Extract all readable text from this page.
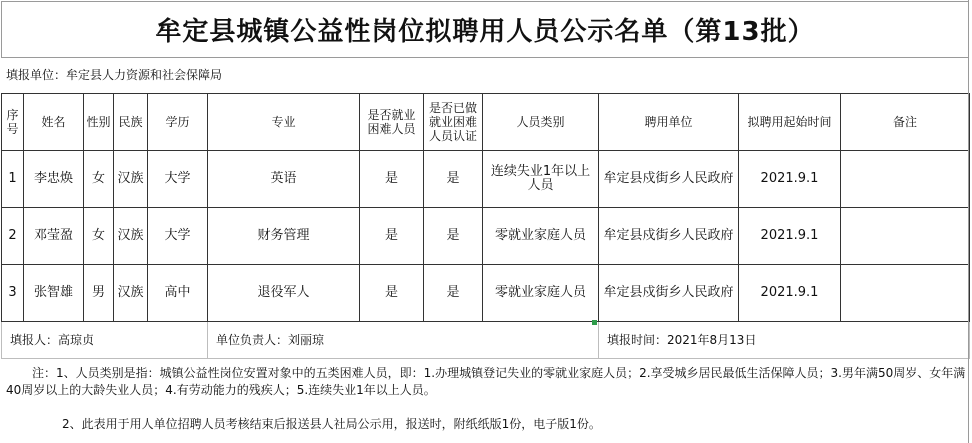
牟定县城镇公益性岗位拟聘用人员公示名单（第13批）
填报单位：牟定县人力资源和社会保障局
序号	姓名	性别	民族	学历	专业	是否就业困难人员	是否已做就业困难人员认证	人员类别	聘用单位	拟聘用起始时间	备注
1	李忠焕	女	汉族	大学	英语	是	是	连续失业1年以上人员	牟定县戍街乡人民政府	2021.9.1	
2	邓莹盈	女	汉族	大学	财务管理	是	是	零就业家庭人员	牟定县戍街乡人民政府	2021.9.1	
3	张智雄	男	汉族	高中	退役军人	是	是	零就业家庭人员	牟定县戍街乡人民政府	2021.9.1	
填报人：高琼贞					单位负责人：刘丽琼				填报时间：2021年8月13日		

注：1、人员类别是指：城镇公益性岗位安置对象中的五类困难人员，即：1.办理城镇登记失业的零就业家庭人员；2.享受城乡居民最低生活保障人员；3.男年满50周岁、女年满40周岁以上的大龄失业人员；4.有劳动能力的残疾人；5.连续失业1年以上人员。

2、此表用于用人单位招聘人员考核结束后报送县人社局公示用，报送时，附纸纸版1份，电子版1份。
